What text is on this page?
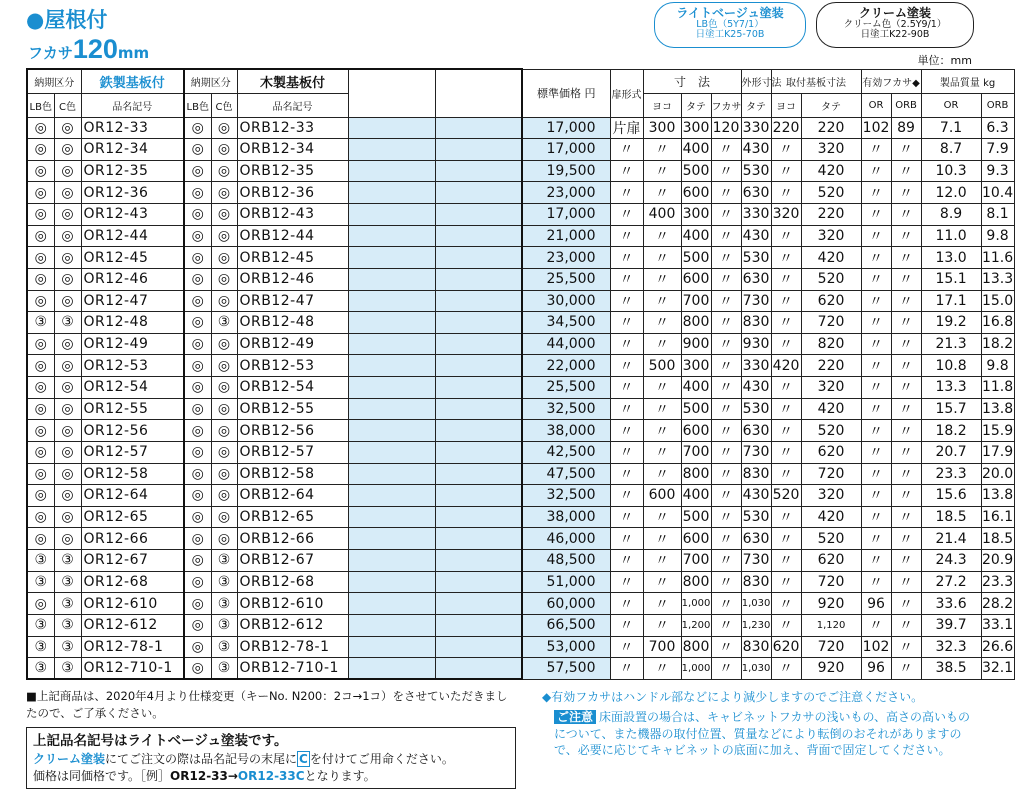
●屋根付
フカサ120mm
ライトベージュ塗装
LB色（5Y7/1）
日塗工K25-70B
クリーム塗装
クリーム色（2.5Y9/1）
日塗工K22-90B
単位：mm
納期区分		鉄製基板付	納期区分		木製基板付			標準価格 円	扉形式	寸　法			外形寸法	取付基板寸法		有効フカサ◆		製品質量 kg	
LB色	C色	品名記号	LB色	C色	品名記号					ヨコ	タテ	フカサ	タテ	ヨコ	タテ	OR	ORB	OR	ORB
◎	◎	OR12-33	◎	◎	ORB12-33			17,000	片扉	300	300	120	330	220	220	102	89	7.1	6.3
◎	◎	OR12-34	◎	◎	ORB12-34			17,000	〃	〃	400	〃	430	〃	320	〃	〃	8.7	7.9
◎	◎	OR12-35	◎	◎	ORB12-35			19,500	〃	〃	500	〃	530	〃	420	〃	〃	10.3	9.3
◎	◎	OR12-36	◎	◎	ORB12-36			23,000	〃	〃	600	〃	630	〃	520	〃	〃	12.0	10.4
◎	◎	OR12-43	◎	◎	ORB12-43			17,000	〃	400	300	〃	330	320	220	〃	〃	8.9	8.1
◎	◎	OR12-44	◎	◎	ORB12-44			21,000	〃	〃	400	〃	430	〃	320	〃	〃	11.0	9.8
◎	◎	OR12-45	◎	◎	ORB12-45			23,000	〃	〃	500	〃	530	〃	420	〃	〃	13.0	11.6
◎	◎	OR12-46	◎	◎	ORB12-46			25,500	〃	〃	600	〃	630	〃	520	〃	〃	15.1	13.3
◎	◎	OR12-47	◎	◎	ORB12-47			30,000	〃	〃	700	〃	730	〃	620	〃	〃	17.1	15.0
③	③	OR12-48	◎	③	ORB12-48			34,500	〃	〃	800	〃	830	〃	720	〃	〃	19.2	16.8
◎	◎	OR12-49	◎	◎	ORB12-49			44,000	〃	〃	900	〃	930	〃	820	〃	〃	21.3	18.2
◎	◎	OR12-53	◎	◎	ORB12-53			22,000	〃	500	300	〃	330	420	220	〃	〃	10.8	9.8
◎	◎	OR12-54	◎	◎	ORB12-54			25,500	〃	〃	400	〃	430	〃	320	〃	〃	13.3	11.8
◎	◎	OR12-55	◎	◎	ORB12-55			32,500	〃	〃	500	〃	530	〃	420	〃	〃	15.7	13.8
◎	◎	OR12-56	◎	◎	ORB12-56			38,000	〃	〃	600	〃	630	〃	520	〃	〃	18.2	15.9
◎	◎	OR12-57	◎	◎	ORB12-57			42,500	〃	〃	700	〃	730	〃	620	〃	〃	20.7	17.9
◎	◎	OR12-58	◎	◎	ORB12-58			47,500	〃	〃	800	〃	830	〃	720	〃	〃	23.3	20.0
◎	◎	OR12-64	◎	◎	ORB12-64			32,500	〃	600	400	〃	430	520	320	〃	〃	15.6	13.8
◎	◎	OR12-65	◎	◎	ORB12-65			38,000	〃	〃	500	〃	530	〃	420	〃	〃	18.5	16.1
◎	◎	OR12-66	◎	◎	ORB12-66			46,000	〃	〃	600	〃	630	〃	520	〃	〃	21.4	18.5
③	③	OR12-67	◎	③	ORB12-67			48,500	〃	〃	700	〃	730	〃	620	〃	〃	24.3	20.9
③	③	OR12-68	◎	③	ORB12-68			51,000	〃	〃	800	〃	830	〃	720	〃	〃	27.2	23.3
◎	③	OR12-610	◎	③	ORB12-610			60,000	〃	〃	1,000	〃	1,030	〃	920	96	〃	33.6	28.2
③	③	OR12-612	◎	③	ORB12-612			66,500	〃	〃	1,200	〃	1,230	〃	1,120	〃	〃	39.7	33.1
③	③	OR12-78-1	◎	③	ORB12-78-1			53,000	〃	700	800	〃	830	620	720	102	〃	32.3	26.6
③	③	OR12-710-1	◎	③	ORB12-710-1			57,500	〃	〃	1,000	〃	1,030	〃	920	96	〃	38.5	32.1
■上記商品は、2020年4月より仕様変更（キーNo. N200：2コ→1コ）をさせていただきましたので、ご了承ください。
◆有効フカサはハンドル部などにより減少しますのでご注意ください。
ご注意 床面設置の場合は、キャビネットフカサの浅いもの、高さの高いものについて、また機器の取付位置、質量などにより転倒のおそれがありますので、必要に応じてキャビネットの底面に加え、背面で固定してください。
上記品名記号はライトベージュ塗装です。
クリーム塗装にてご注文の際は品名記号の末尾に C を付けてご用命ください。
価格は同価格です。［例］OR12-33→OR12-33Cとなります。
